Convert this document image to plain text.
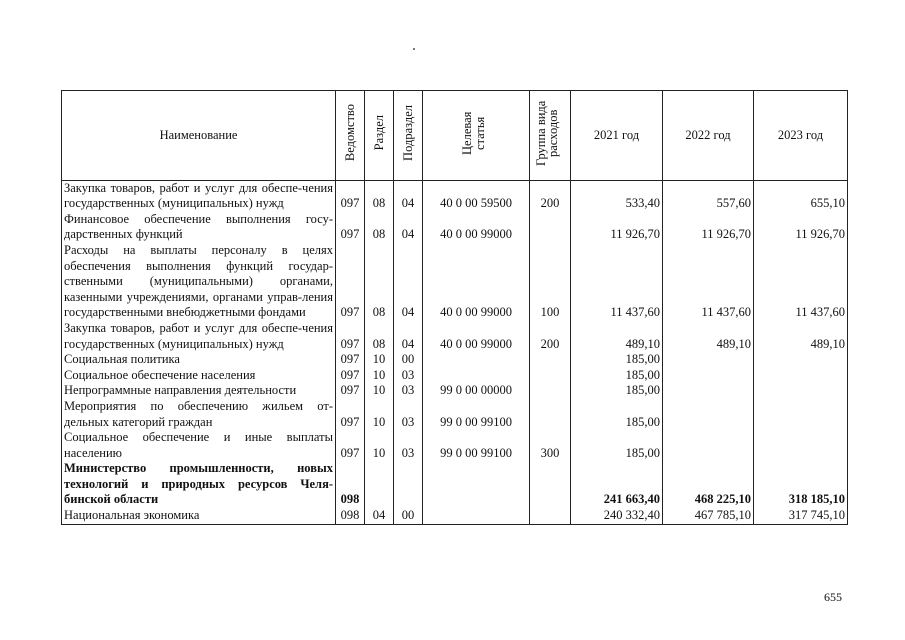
Наименование	Ведомство	Раздел	Подраздел	Целевая статья	Группа вида расходов	2021 год	2022 год	2023 год
Закупка товаров, работ и услуг для обеспе-чения государственных (муниципальных) нужд	097	08	04	40 0 00 59500	200	533,40	557,60	655,10
Финансовое обеспечение выполнения госу-дарственных функций	097	08	04	40 0 00 99000		11 926,70	11 926,70	11 926,70
Расходы на выплаты персоналу в целях обеспечения выполнения функций государ-ственными (муниципальными) органами, казенными учреждениями, органами управ-ления государственными внебюджетными фондами	097	08	04	40 0 00 99000	100	11 437,60	11 437,60	11 437,60
Закупка товаров, работ и услуг для обеспе-чения государственных (муниципальных) нужд	097	08	04	40 0 00 99000	200	489,10	489,10	489,10
Социальная политика	097	10	00			185,00		
Социальное обеспечение населения	097	10	03			185,00		
Непрограммные направления деятельности	097	10	03	99 0 00 00000		185,00		
Мероприятия по обеспечению жильем от-дельных категорий граждан	097	10	03	99 0 00 99100		185,00		
Социальное обеспечение и иные выплаты населению	097	10	03	99 0 00 99100	300	185,00		
Министерство промышленности, новых технологий и природных ресурсов Челя-бинской области	098					241 663,40	468 225,10	318 185,10
Национальная экономика	098	04	00			240 332,40	467 785,10	317 745,10
655
